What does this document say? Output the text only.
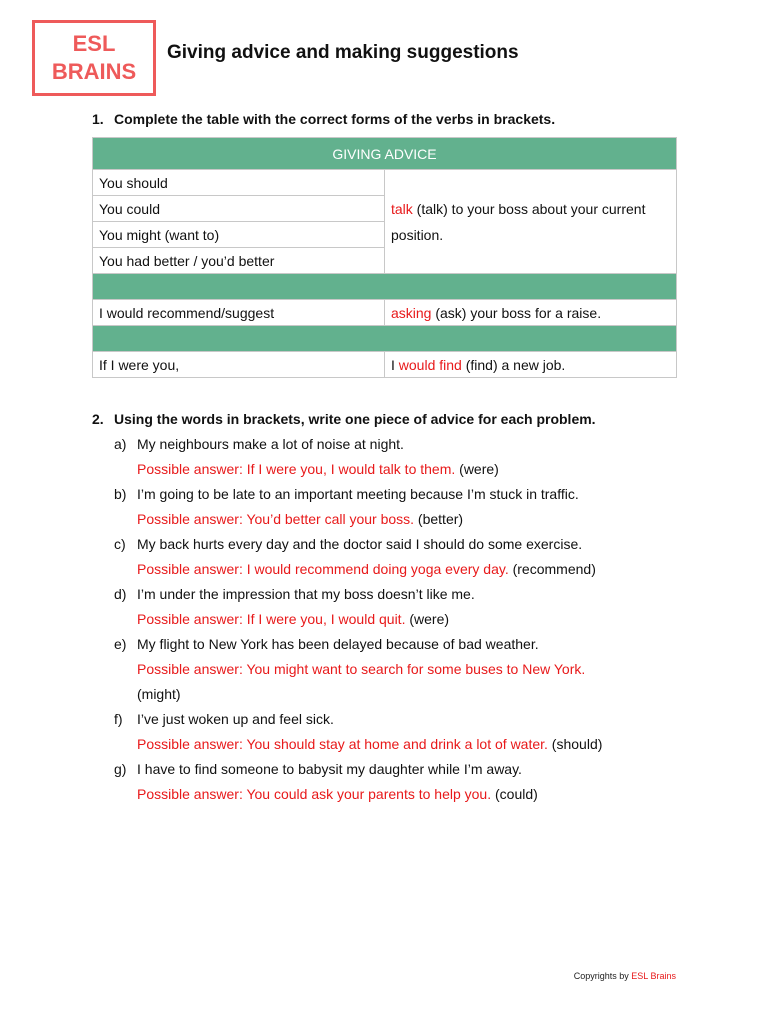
ESL
BRAINS
Giving advice and making suggestions
1. Complete the table with the correct forms of the verbs in brackets.
GIVING ADVICE	
You should	talk (talk) to your boss about your current position.
You could	
You might (want to)	
You had better / you’d better	

I would recommend/suggest	asking (ask) your boss for a raise.

If I were you,	I would find (find) a new job.
2. Using the words in brackets, write one piece of advice for each problem.
a) My neighbours make a lot of noise at night.
Possible answer: If I were you, I would talk to them. (were)
b) I’m going to be late to an important meeting because I’m stuck in traffic.
Possible answer: You’d better call your boss. (better)
c) My back hurts every day and the doctor said I should do some exercise.
Possible answer: I would recommend doing yoga every day. (recommend)
d) I’m under the impression that my boss doesn’t like me.
Possible answer: If I were you, I would quit. (were)
e) My flight to New York has been delayed because of bad weather.
Possible answer: You might want to search for some buses to New York.
(might)
f)	I’ve just woken up and feel sick.
Possible answer: You should stay at home and drink a lot of water. (should)
g) I have to find someone to babysit my daughter while I’m away.
Possible answer: You could ask your parents to help you. (could)
Copyrights by ESL Brains
